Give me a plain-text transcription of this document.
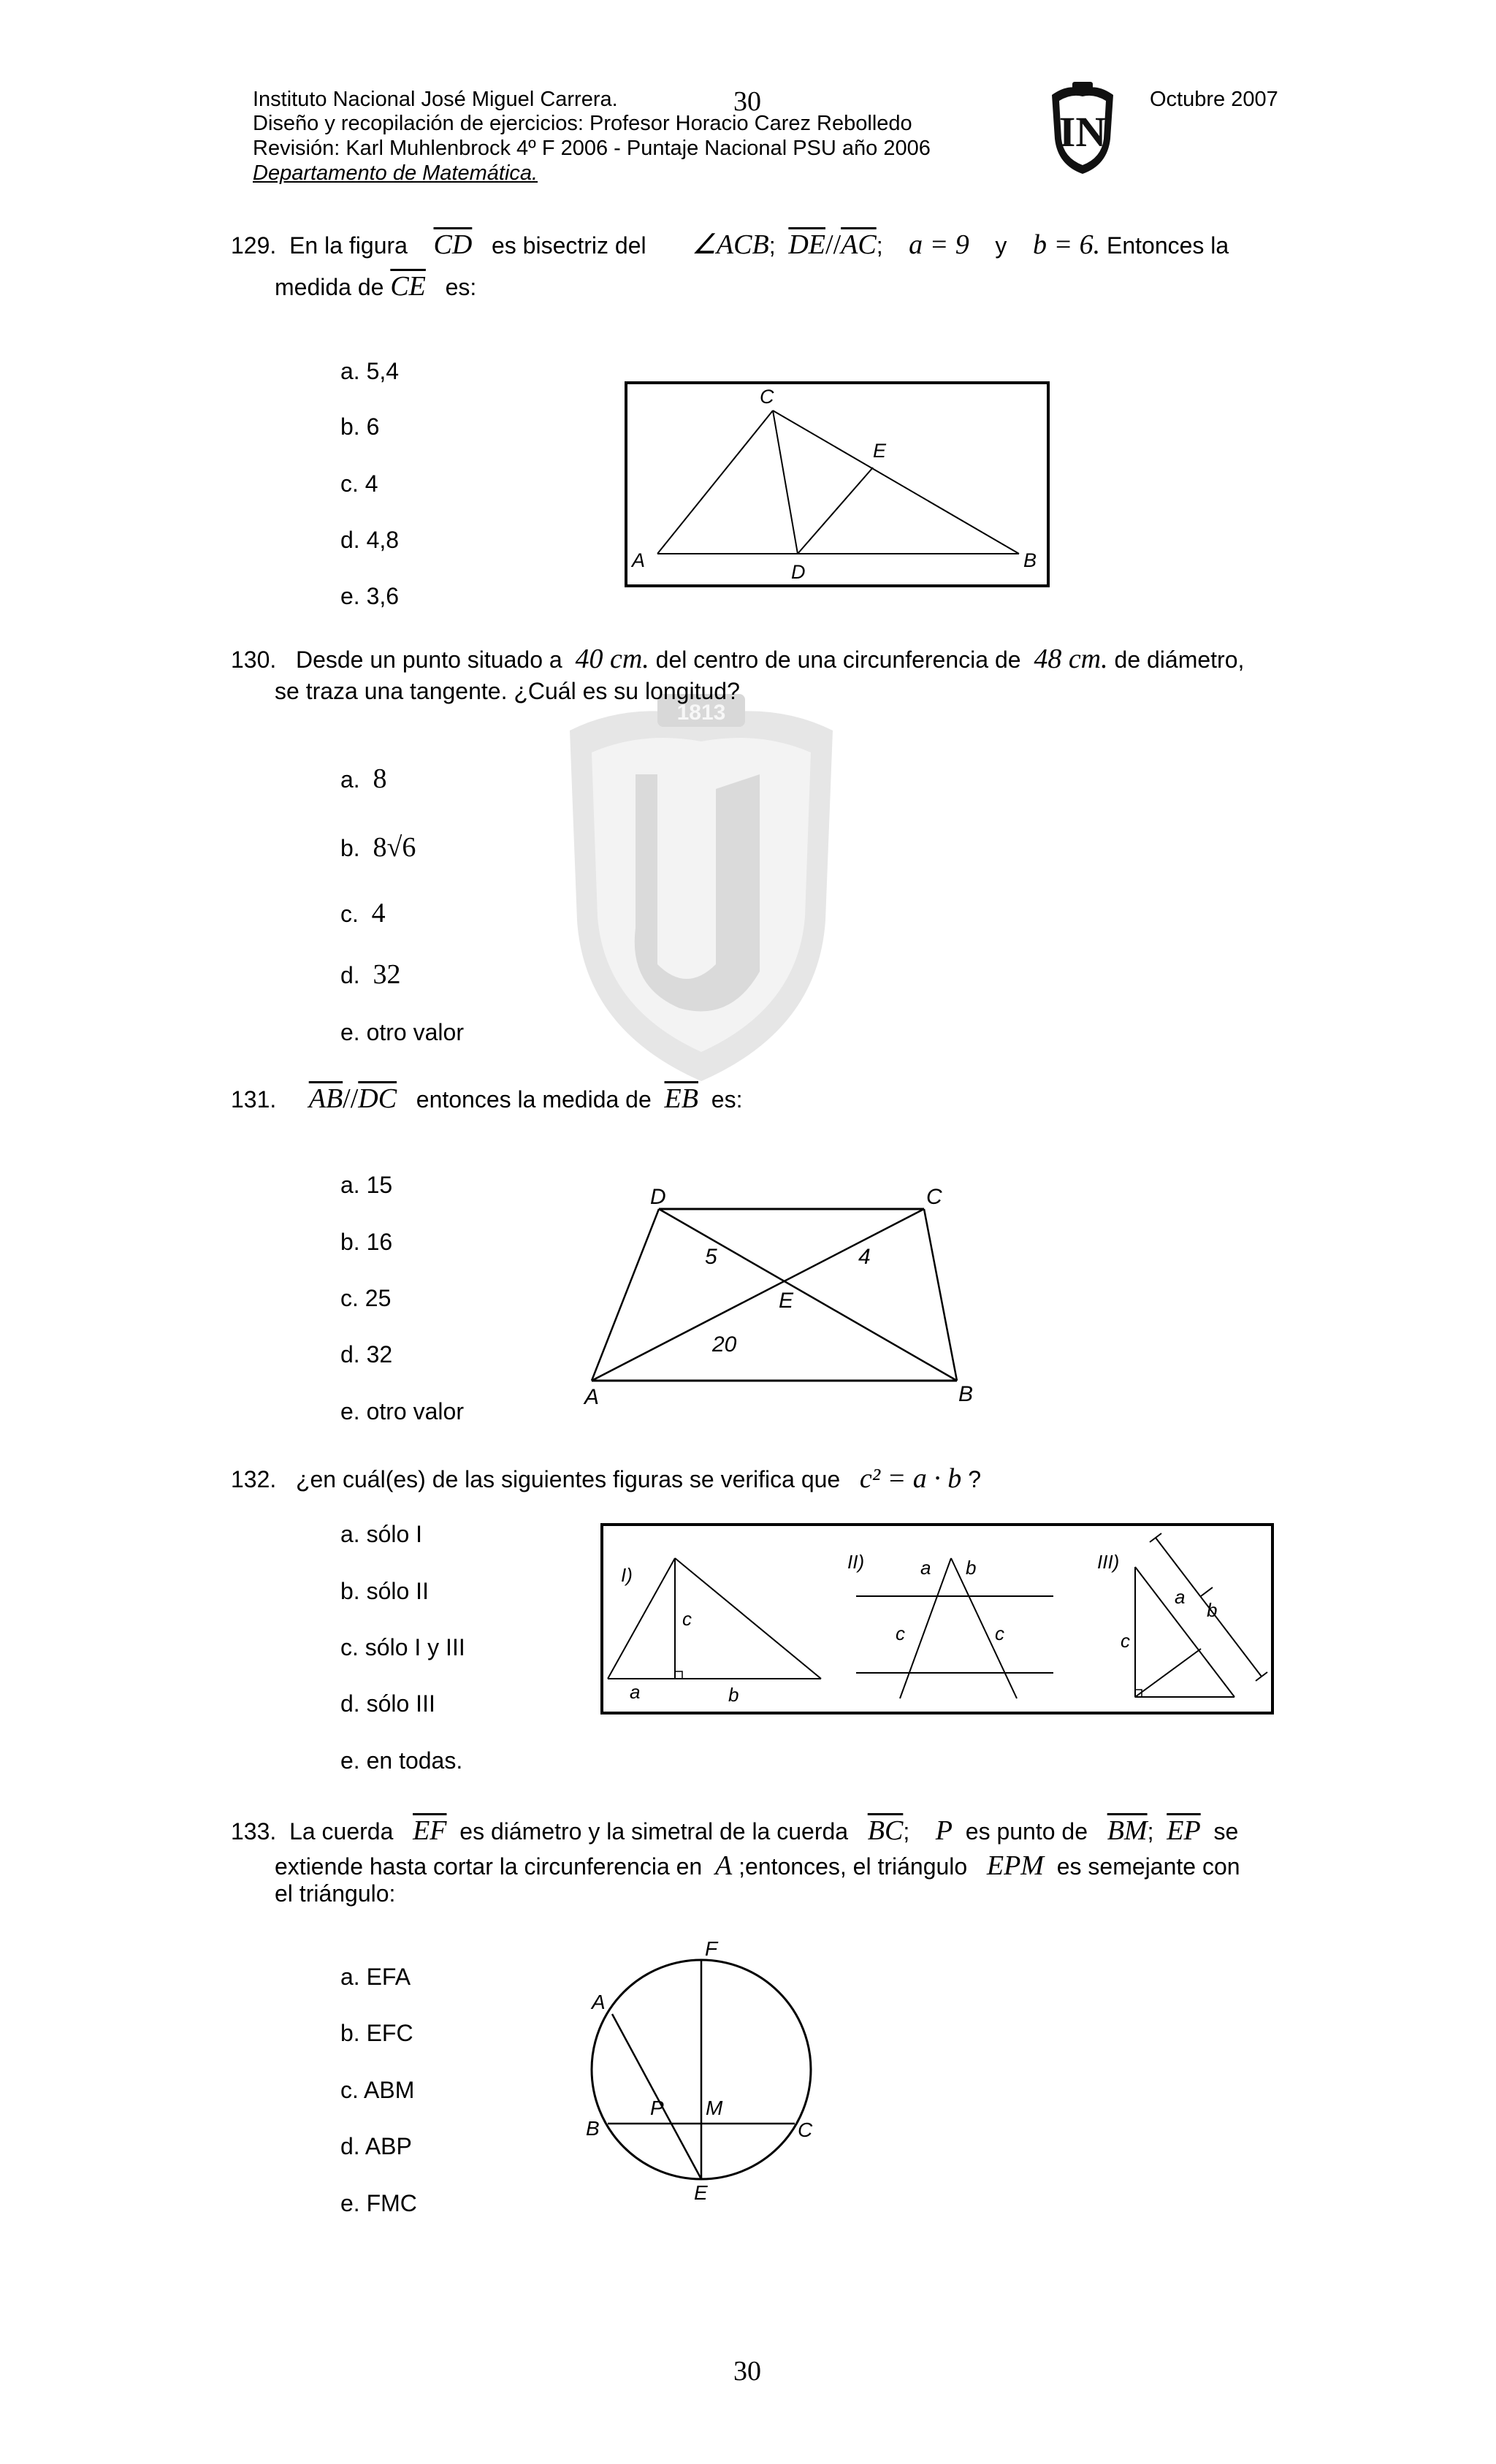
1813
Instituto Nacional José Miguel Carrera.	30
Diseño y recopilación de ejercicios: Profesor Horacio Carez Rebolledo
Revisión: Karl Muhlenbrock 4º F 2006 - Puntaje Nacional PSU año 2006
Departamento de Matemática.
Octubre 2007
IN
129. En la figura $\overline{CD}$ es bisectriz del ∠ACB; $\overline{DE}//\overline{AC}$; a = 9 y b = 6. Entonces la
medida de $\overline{CE}$ es:
a. 5,4
b. 6
c. 4
d. 4,8
e. 3,6
C
E
A
D
B
130. Desde un punto situado a 40 cm. del centro de una circunferencia de 48 cm. de diámetro,
se traza una tangente. ¿Cuál es su longitud?
a. 8
b. 8√6
c. 4
d. 32
e. otro valor
131. $\overline{AB}//\overline{DC}$ entonces la medida de $\overline{EB}$ es:
a. 15
b. 16
c. 25
d. 32
e. otro valor
D	C
E
A	B
5	4
20
132. ¿en cuál(es) de las siguientes figuras se verifica que c² = a · b ?
a. sólo I
b. sólo II
c. sólo I y III
d. sólo III
e. en todas.
I)
c
a	b
II)	a b
c	c
III)
c
a
b
133. La cuerda $\overline{EF}$ es diámetro y la simetral de la cuerda $\overline{BC}$; P es punto de $\overline{BM}$; $\overline{EP}$ se
extiende hasta cortar la circunferencia en A ;entonces, el triángulo EPM es semejante con
el triángulo:
a. EFA
b. EFC
c. ABM
d. ABP
e. FMC
F
A
P M
B	C
E
30
